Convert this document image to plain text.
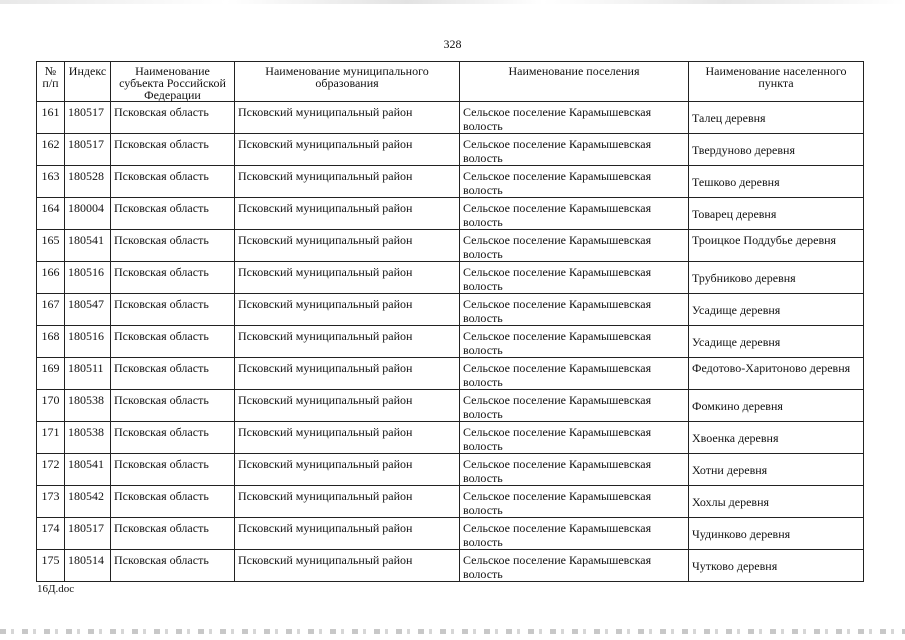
328
№ п/п	Индекс	Наименование субъекта Российской Федерации	Наименование муниципального образования	Наименование поселения	Наименование населенного пункта

161	180517	Псковская область	Псковский муниципальный район	Сельское поселение Карамышевская волость	Талец деревня

162	180517	Псковская область	Псковский муниципальный район	Сельское поселение Карамышевская волость	Твердуново деревня

163	180528	Псковская область	Псковский муниципальный район	Сельское поселение Карамышевская волость	Тешково деревня

164	180004	Псковская область	Псковский муниципальный район	Сельское поселение Карамышевская волость	Товарец деревня

165	180541	Псковская область	Псковский муниципальный район	Сельское поселение Карамышевская волость	Троицкое Поддубье деревня

166	180516	Псковская область	Псковский муниципальный район	Сельское поселение Карамышевская волость	Трубниково деревня

167	180547	Псковская область	Псковский муниципальный район	Сельское поселение Карамышевская волость	Усадище деревня

168	180516	Псковская область	Псковский муниципальный район	Сельское поселение Карамышевская волость	Усадище деревня

169	180511	Псковская область	Псковский муниципальный район	Сельское поселение Карамышевская волость	Федотово-Харитоново деревня

170	180538	Псковская область	Псковский муниципальный район	Сельское поселение Карамышевская волость	Фомкино деревня

171	180538	Псковская область	Псковский муниципальный район	Сельское поселение Карамышевская волость	Хвоенка деревня

172	180541	Псковская область	Псковский муниципальный район	Сельское поселение Карамышевская волость	Хотни деревня

173	180542	Псковская область	Псковский муниципальный район	Сельское поселение Карамышевская волость	Хохлы деревня

174	180517	Псковская область	Псковский муниципальный район	Сельское поселение Карамышевская волость	Чудинково деревня

175	180514	Псковская область	Псковский муниципальный район	Сельское поселение Карамышевская волость	Чутково деревня
16Д.doc
